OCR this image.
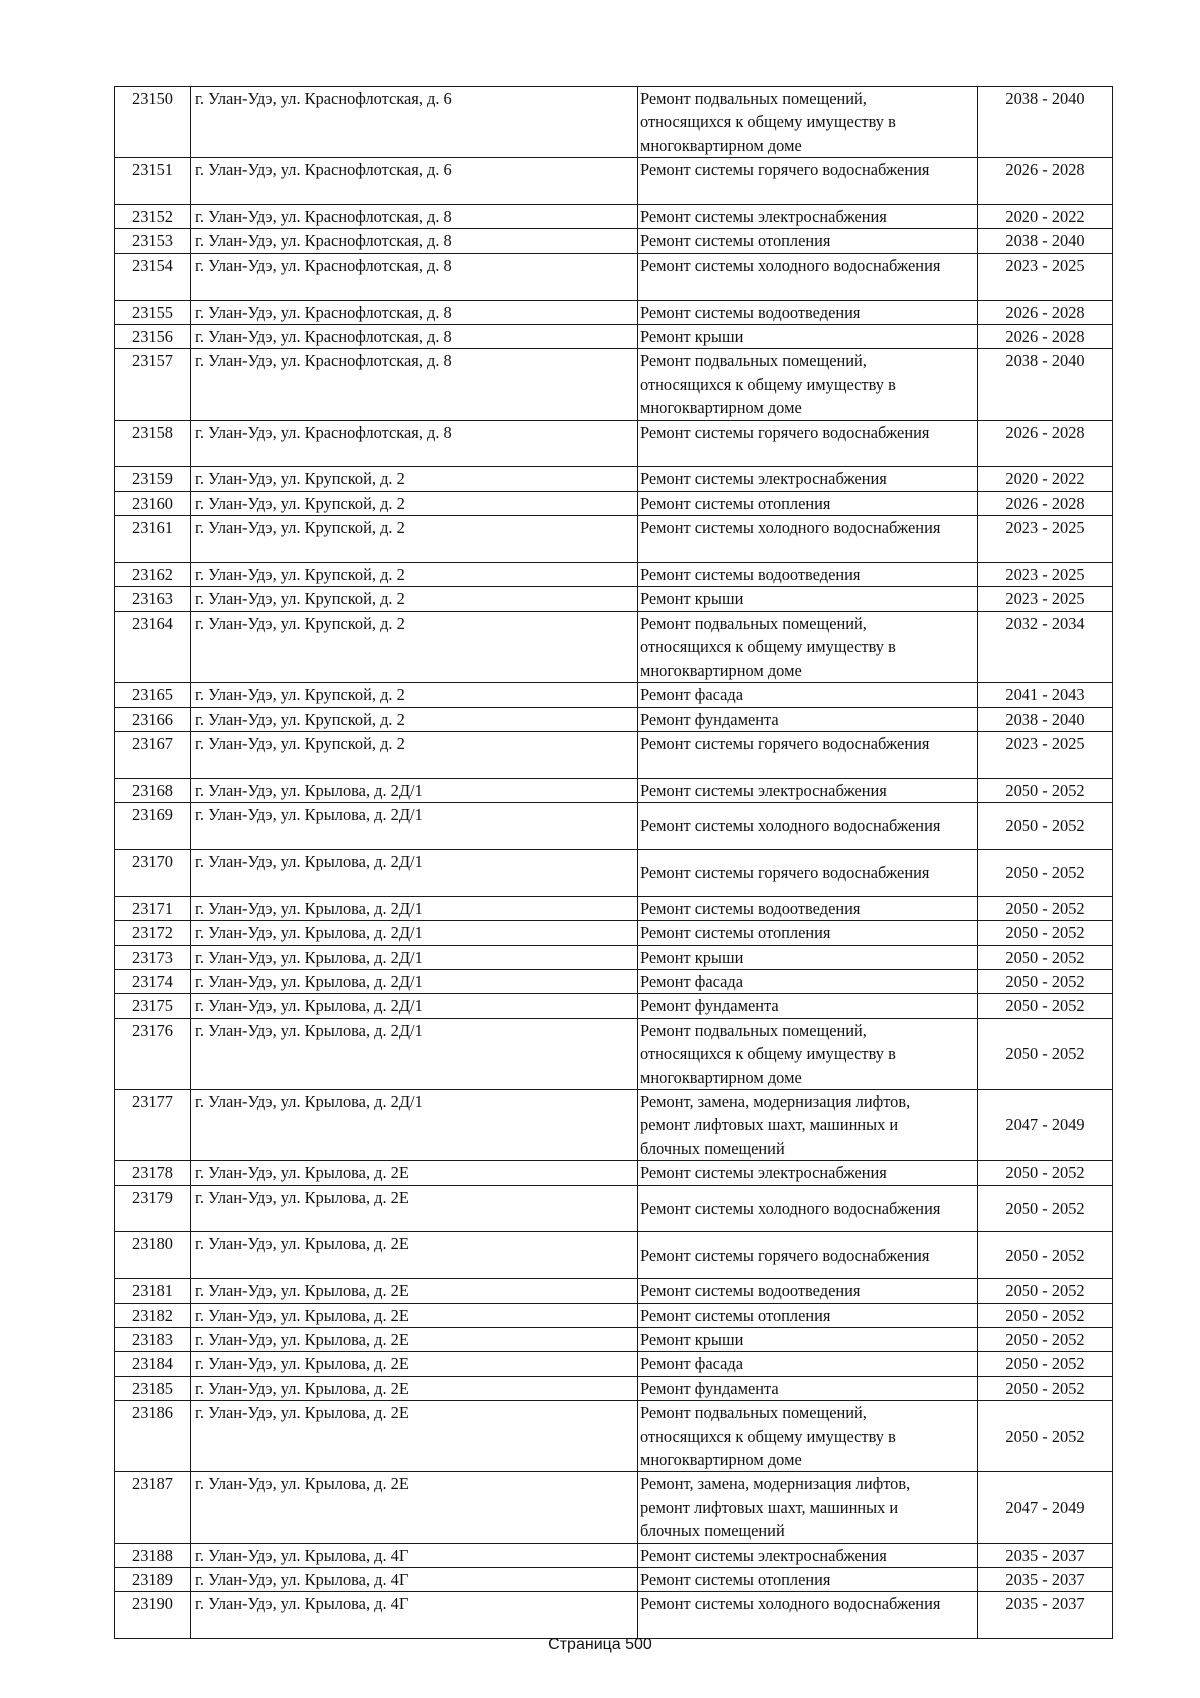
23150	г. Улан-Удэ, ул. Краснофлотская, д. 6	Ремонт подвальных помещений,
относящихся к общему имуществу в
многоквартирном доме	2038 - 2040
23151	г. Улан-Удэ, ул. Краснофлотская, д. 6	Ремонт системы горячего водоснабжения	2026 - 2028
23152	г. Улан-Удэ, ул. Краснофлотская, д. 8	Ремонт системы электроснабжения	2020 - 2022
23153	г. Улан-Удэ, ул. Краснофлотская, д. 8	Ремонт системы отопления	2038 - 2040
23154	г. Улан-Удэ, ул. Краснофлотская, д. 8	Ремонт системы холодного водоснабжения	2023 - 2025
23155	г. Улан-Удэ, ул. Краснофлотская, д. 8	Ремонт системы водоотведения	2026 - 2028
23156	г. Улан-Удэ, ул. Краснофлотская, д. 8	Ремонт крыши	2026 - 2028
23157	г. Улан-Удэ, ул. Краснофлотская, д. 8	Ремонт подвальных помещений,
относящихся к общему имуществу в
многоквартирном доме	2038 - 2040
23158	г. Улан-Удэ, ул. Краснофлотская, д. 8	Ремонт системы горячего водоснабжения	2026 - 2028
23159	г. Улан-Удэ, ул. Крупской, д. 2	Ремонт системы электроснабжения	2020 - 2022
23160	г. Улан-Удэ, ул. Крупской, д. 2	Ремонт системы отопления	2026 - 2028
23161	г. Улан-Удэ, ул. Крупской, д. 2	Ремонт системы холодного водоснабжения	2023 - 2025
23162	г. Улан-Удэ, ул. Крупской, д. 2	Ремонт системы водоотведения	2023 - 2025
23163	г. Улан-Удэ, ул. Крупской, д. 2	Ремонт крыши	2023 - 2025
23164	г. Улан-Удэ, ул. Крупской, д. 2	Ремонт подвальных помещений,
относящихся к общему имуществу в
многоквартирном доме	2032 - 2034
23165	г. Улан-Удэ, ул. Крупской, д. 2	Ремонт фасада	2041 - 2043
23166	г. Улан-Удэ, ул. Крупской, д. 2	Ремонт фундамента	2038 - 2040
23167	г. Улан-Удэ, ул. Крупской, д. 2	Ремонт системы горячего водоснабжения	2023 - 2025
23168	г. Улан-Удэ, ул. Крылова, д. 2Д/1	Ремонт системы электроснабжения	2050 - 2052
23169	г. Улан-Удэ, ул. Крылова, д. 2Д/1	Ремонт системы холодного водоснабжения	2050 - 2052
23170	г. Улан-Удэ, ул. Крылова, д. 2Д/1	Ремонт системы горячего водоснабжения	2050 - 2052
23171	г. Улан-Удэ, ул. Крылова, д. 2Д/1	Ремонт системы водоотведения	2050 - 2052
23172	г. Улан-Удэ, ул. Крылова, д. 2Д/1	Ремонт системы отопления	2050 - 2052
23173	г. Улан-Удэ, ул. Крылова, д. 2Д/1	Ремонт крыши	2050 - 2052
23174	г. Улан-Удэ, ул. Крылова, д. 2Д/1	Ремонт фасада	2050 - 2052
23175	г. Улан-Удэ, ул. Крылова, д. 2Д/1	Ремонт фундамента	2050 - 2052
23176	г. Улан-Удэ, ул. Крылова, д. 2Д/1	Ремонт подвальных помещений,
относящихся к общему имуществу в
многоквартирном доме	2050 - 2052
23177	г. Улан-Удэ, ул. Крылова, д. 2Д/1	Ремонт, замена, модернизация лифтов,
ремонт лифтовых шахт, машинных и
блочных помещений	2047 - 2049
23178	г. Улан-Удэ, ул. Крылова, д. 2Е	Ремонт системы электроснабжения	2050 - 2052
23179	г. Улан-Удэ, ул. Крылова, д. 2Е	Ремонт системы холодного водоснабжения	2050 - 2052
23180	г. Улан-Удэ, ул. Крылова, д. 2Е	Ремонт системы горячего водоснабжения	2050 - 2052
23181	г. Улан-Удэ, ул. Крылова, д. 2Е	Ремонт системы водоотведения	2050 - 2052
23182	г. Улан-Удэ, ул. Крылова, д. 2Е	Ремонт системы отопления	2050 - 2052
23183	г. Улан-Удэ, ул. Крылова, д. 2Е	Ремонт крыши	2050 - 2052
23184	г. Улан-Удэ, ул. Крылова, д. 2Е	Ремонт фасада	2050 - 2052
23185	г. Улан-Удэ, ул. Крылова, д. 2Е	Ремонт фундамента	2050 - 2052
23186	г. Улан-Удэ, ул. Крылова, д. 2Е	Ремонт подвальных помещений,
относящихся к общему имуществу в
многоквартирном доме	2050 - 2052
23187	г. Улан-Удэ, ул. Крылова, д. 2Е	Ремонт, замена, модернизация лифтов,
ремонт лифтовых шахт, машинных и
блочных помещений	2047 - 2049
23188	г. Улан-Удэ, ул. Крылова, д. 4Г	Ремонт системы электроснабжения	2035 - 2037
23189	г. Улан-Удэ, ул. Крылова, д. 4Г	Ремонт системы отопления	2035 - 2037
23190	г. Улан-Удэ, ул. Крылова, д. 4Г	Ремонт системы холодного водоснабжения	2035 - 2037
Страница 500
